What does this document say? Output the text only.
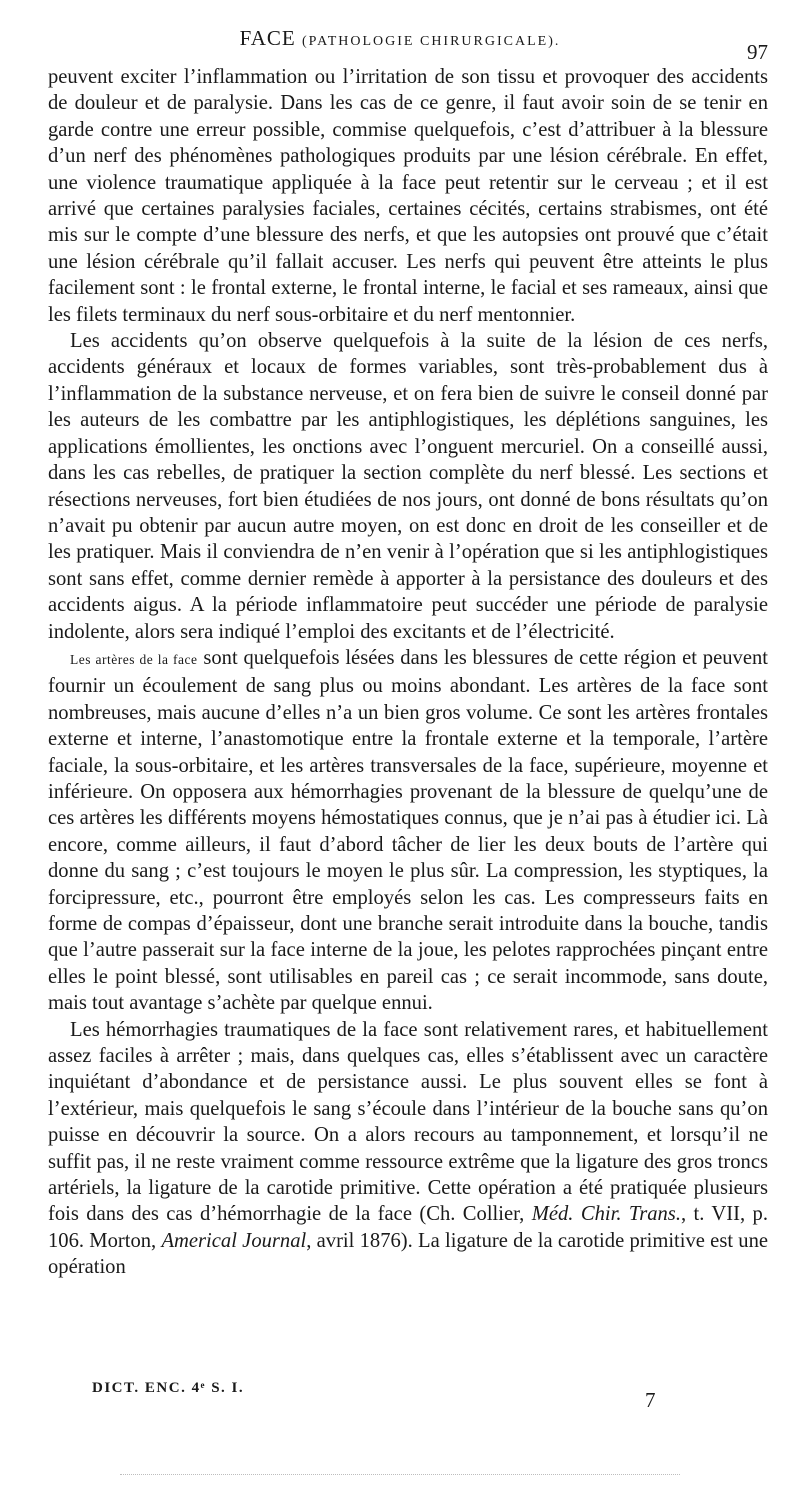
FACE (PATHOLOGIE CHIRURGICALE).	97

peuvent exciter l’inflammation ou l’irritation de son tissu et provoquer des accidents de douleur et de paralysie. Dans les cas de ce genre, il faut avoir soin de se tenir en garde contre une erreur possible, commise quelquefois, c’est d’attribuer à la blessure d’un nerf des phénomènes pathologiques produits par une lésion cérébrale. En effet, une violence traumatique appliquée à la face peut retentir sur le cerveau ; et il est arrivé que certaines paralysies faciales, certaines cécités, certains strabismes, ont été mis sur le compte d’une blessure des nerfs, et que les autopsies ont prouvé que c’était une lésion cérébrale qu’il fallait accuser. Les nerfs qui peuvent être atteints le plus facilement sont : le frontal externe, le frontal interne, le facial et ses rameaux, ainsi que les filets terminaux du nerf sous-orbitaire et du nerf mentonnier.

Les accidents qu’on observe quelquefois à la suite de la lésion de ces nerfs, accidents généraux et locaux de formes variables, sont très-probablement dus à l’inflammation de la substance nerveuse, et on fera bien de suivre le conseil donné par les auteurs de les combattre par les antiphlogistiques, les déplétions sanguines, les applications émollientes, les onctions avec l’onguent mercuriel. On a conseillé aussi, dans les cas rebelles, de pratiquer la section complète du nerf blessé. Les sections et résections nerveuses, fort bien étudiées de nos jours, ont donné de bons résultats qu’on n’avait pu obtenir par aucun autre moyen, on est donc en droit de les conseiller et de les pratiquer. Mais il conviendra de n’en venir à l’opération que si les antiphlogistiques sont sans effet, comme dernier remède à apporter à la persistance des douleurs et des accidents aigus. A la période inflammatoire peut succéder une période de paralysie indolente, alors sera indiqué l’emploi des excitants et de l’électricité.

Les artères de la face sont quelquefois lésées dans les blessures de cette région et peuvent fournir un écoulement de sang plus ou moins abondant. Les artères de la face sont nombreuses, mais aucune d’elles n’a un bien gros volume. Ce sont les artères frontales externe et interne, l’anastomotique entre la frontale externe et la temporale, l’artère faciale, la sous-orbitaire, et les artères transversales de la face, supérieure, moyenne et inférieure. On opposera aux hémorrhagies provenant de la blessure de quelqu’une de ces artères les différents moyens hémostatiques connus, que je n’ai pas à étudier ici. Là encore, comme ailleurs, il faut d’abord tâcher de lier les deux bouts de l’artère qui donne du sang ; c’est toujours le moyen le plus sûr. La compression, les styptiques, la forcipressure, etc., pourront être employés selon les cas. Les compresseurs faits en forme de compas d’épaisseur, dont une branche serait introduite dans la bouche, tandis que l’autre passerait sur la face interne de la joue, les pelotes rapprochées pinçant entre elles le point blessé, sont utilisables en pareil cas ; ce serait incommode, sans doute, mais tout avantage s’achète par quelque ennui.

Les hémorrhagies traumatiques de la face sont relativement rares, et habituellement assez faciles à arrêter ; mais, dans quelques cas, elles s’établissent avec un caractère inquiétant d’abondance et de persistance aussi. Le plus souvent elles se font à l’extérieur, mais quelquefois le sang s’écoule dans l’intérieur de la bouche sans qu’on puisse en découvrir la source. On a alors recours au tamponnement, et lorsqu’il ne suffit pas, il ne reste vraiment comme ressource extrême que la ligature des gros troncs artériels, la ligature de la carotide primitive. Cette opération a été pratiquée plusieurs fois dans des cas d’hémorrhagie de la face (Ch. Collier, Méd. Chir. Trans., t. VII, p. 106. Morton, Americal Journal, avril 1876). La ligature de la carotide primitive est une opération

DICT. ENC. 4ᵉ S. I.	7
